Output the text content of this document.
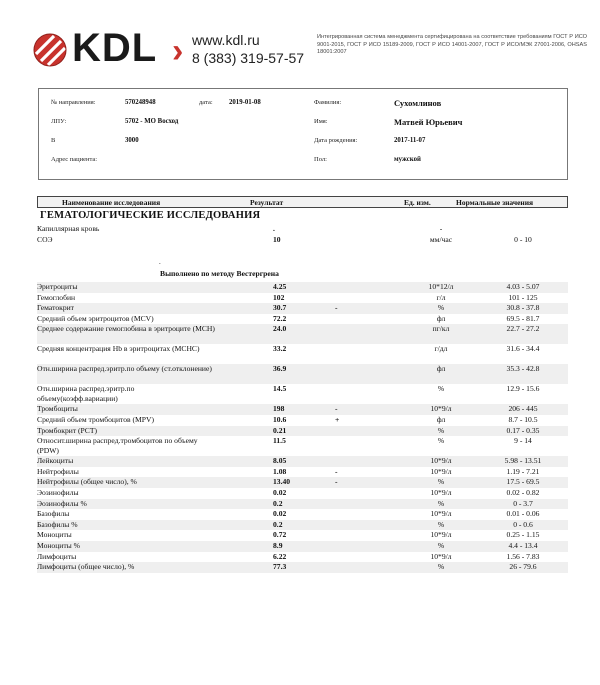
KDL › www.kdl.ru
8 (383) 319-57-57
Интегрированная система менеджмента сертифицирована на соответствие требованиям ГОСТ Р ИСО 9001-2015, ГОСТ Р ИСО 15189-2009, ГОСТ Р ИСО 14001-2007, ГОСТ Р ИСО/МЭК 27001-2006, OHSAS 18001:2007
№ направления:	570248948	дата: 2019-01-08
ЛПУ:	5702 - МО Восход
В	3000
Адрес пациента:
Фамилия:	Сухомлинов
Имя:	Матвей Юрьевич
Дата рождения:	2017-11-07
Пол:	мужской
Наименование исследования	Результат	Ед. изм.	Нормальные значения
ГЕМАТОЛОГИЧЕСКИЕ ИССЛЕДОВАНИЯ
Капиллярная кровь	.	-
СОЭ	10	мм/час	0 - 10
Эритроциты	4.25	10*12/л	4.03 - 5.07
Гемоглобин	102	г/л	101 - 125
Гематокрит	30.7	-	%	30.8 - 37.8
Средний объем эритроцитов (MCV)	72.2	фл	69.5 - 81.7
Среднее содержание гемоглобина в эритроците (MCH)	24.0	пг/кл	22.7 - 27.2
Средняя концентрация Hb в эритроцитах (MCHC)	33.2	г/дл	31.6 - 34.4
Отн.ширина распред.эритр.по объему (ст.отклонение)	36.9	фл	35.3 - 42.8
Отн.ширина распред.эритр.по объему(коэфф.вариации)
14.5	%	12.9 - 15.6
Тромбоциты	198	-	10*9/л	206 - 445
Средний объем тромбоцитов (MPV)	10.6	+	фл	8.7 - 10.5
Тромбокрит (PCT)	0.21	%	0.17 - 0.35
Относит.ширина распред.тромбоцитов по объему (PDW)
11.5	%	9 - 14
Лейкоциты	8.05	10*9/л	5.98 - 13.51
Нейтрофилы	1.08	-	10*9/л	1.19 - 7.21
Нейтрофилы (общее число), %	13.40	-	%	17.5 - 69.5
Эозинофилы	0.02	10*9/л	0.02 - 0.82
Эозинофилы %	0.2	%	0 - 3.7
Базофилы	0.02	10*9/л	0.01 - 0.06
Базофилы %	0.2	%	0 - 0.6
Моноциты	0.72	10*9/л	0.25 - 1.15
Моноциты %	8.9	%	4.4 - 13.4
Лимфоциты	6.22	10*9/л	1.56 - 7.83
Лимфоциты (общее число), %	77.3	%	26 - 79.6
.
Выполнено по методу Вестергрена
